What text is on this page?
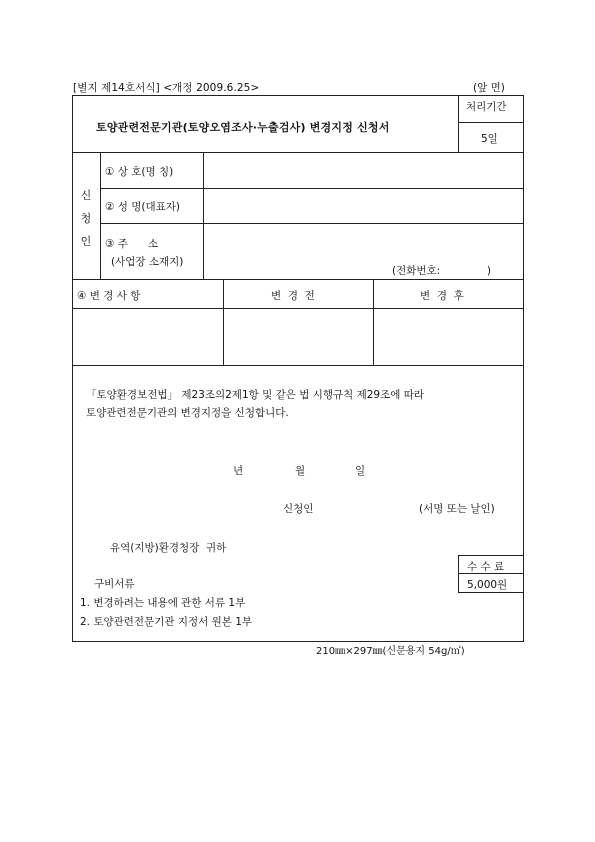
[별지 제14호서식] <개정 2009.6.25>	(앞 면)
토양관련전문기관(토양오염조사·누출검사) 변경지정 신청서
처리기간
5일
신 청 인
① 상 호(명 칭)
② 성 명(대표자)
③ 주      소
(사업장 소재지)
(전화번호:              )
④ 변 경 사 항	변  경  전	변  경  후
「토양환경보전법」 제23조의2제1항 및 같은 법 시행규칙 제29조에 따라
토양관련전문기관의 변경지정을 신청합니다.
년	월	일
신청인	(서명 또는 날인)
유역(지방)환경청장  귀하
수 수 료
5,000원
구비서류
1. 변경하려는 내용에 관한 서류 1부
2. 토양관련전문기관 지정서 원본 1부
210㎜×297㎜(신문용지 54g/㎡)
